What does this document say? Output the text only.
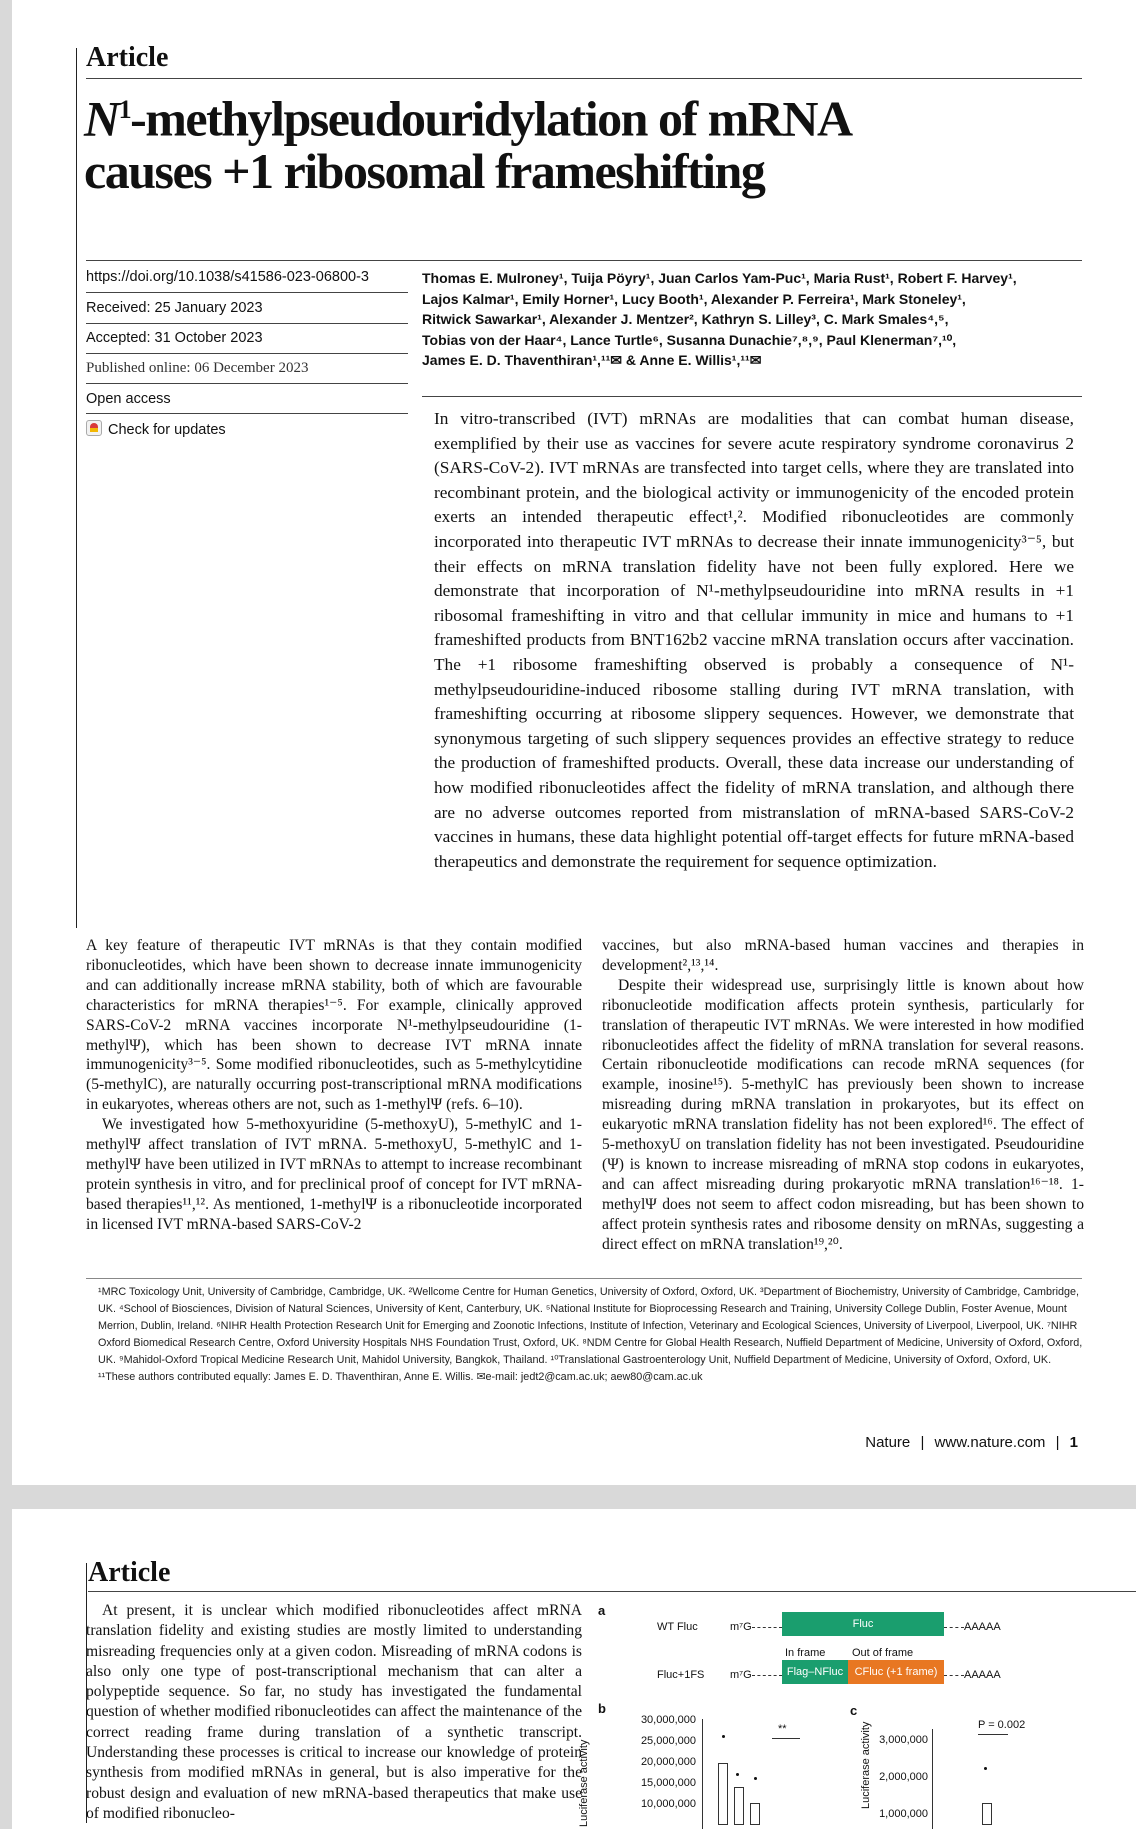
Article
$N^1$-methylpseudouridylation of mRNA
causes +1 ribosomal frameshifting
https://doi.org/10.1038/s41586-023-06800-3
Received: 25 January 2023
Accepted: 31 October 2023
Published online: 06 December 2023
Open access
Check for updates
Thomas E. Mulroney¹, Tuija Pöyry¹, Juan Carlos Yam-Puc¹, Maria Rust¹, Robert F. Harvey¹,
Lajos Kalmar¹, Emily Horner¹, Lucy Booth¹, Alexander P. Ferreira¹, Mark Stoneley¹,
Ritwick Sawarkar¹, Alexander J. Mentzer², Kathryn S. Lilley³, C. Mark Smales⁴,⁵,
Tobias von der Haar⁴, Lance Turtle⁶, Susanna Dunachie⁷,⁸,⁹, Paul Klenerman⁷,¹⁰,
James E. D. Thaventhiran¹,¹¹✉ & Anne E. Willis¹,¹¹✉
In vitro-transcribed (IVT) mRNAs are modalities that can combat human disease, exemplified by their use as vaccines for severe acute respiratory syndrome coronavirus 2 (SARS-CoV-2). IVT mRNAs are transfected into target cells, where they are translated into recombinant protein, and the biological activity or immunogenicity of the encoded protein exerts an intended therapeutic effect¹,². Modified ribonucleotides are commonly incorporated into therapeutic IVT mRNAs to decrease their innate immunogenicity³⁻⁵, but their effects on mRNA translation fidelity have not been fully explored. Here we demonstrate that incorporation of N¹-methylpseudouridine into mRNA results in +1 ribosomal frameshifting in vitro and that cellular immunity in mice and humans to +1 frameshifted products from BNT162b2 vaccine mRNA translation occurs after vaccination. The +1 ribosome frameshifting observed is probably a consequence of N¹-methylpseudouridine-induced ribosome stalling during IVT mRNA translation, with frameshifting occurring at ribosome slippery sequences. However, we demonstrate that synonymous targeting of such slippery sequences provides an effective strategy to reduce the production of frameshifted products. Overall, these data increase our understanding of how modified ribonucleotides affect the fidelity of mRNA translation, and although there are no adverse outcomes reported from mistranslation of mRNA-based SARS-CoV-2 vaccines in humans, these data highlight potential off-target effects for future mRNA-based therapeutics and demonstrate the requirement for sequence optimization.

A key feature of therapeutic IVT mRNAs is that they contain modified ribonucleotides, which have been shown to decrease innate immunogenicity and can additionally increase mRNA stability, both of which are favourable characteristics for mRNA therapies¹⁻⁵. For example, clinically approved SARS-CoV-2 mRNA vaccines incorporate N¹-methylpseudouridine (1-methylΨ), which has been shown to decrease IVT mRNA innate immunogenicity³⁻⁵. Some modified ribonucleotides, such as 5-methylcytidine (5-methylC), are naturally occurring post-transcriptional mRNA modifications in eukaryotes, whereas others are not, such as 1-methylΨ (refs. 6–10).

We investigated how 5-methoxyuridine (5-methoxyU), 5-methylC and 1-methylΨ affect translation of IVT mRNA. 5-methoxyU, 5-methylC and 1-methylΨ have been utilized in IVT mRNAs to attempt to increase recombinant protein synthesis in vitro, and for preclinical proof of concept for IVT mRNA-based therapies¹¹,¹². As mentioned, 1-methylΨ is a ribonucleotide incorporated in licensed IVT mRNA-based SARS-CoV-2

vaccines, but also mRNA-based human vaccines and therapies in development²,¹³,¹⁴.

Despite their widespread use, surprisingly little is known about how ribonucleotide modification affects protein synthesis, particularly for translation of therapeutic IVT mRNAs. We were interested in how modified ribonucleotides affect the fidelity of mRNA translation for several reasons. Certain ribonucleotide modifications can recode mRNA sequences (for example, inosine¹⁵). 5-methylC has previously been shown to increase misreading during mRNA translation in prokaryotes, but its effect on eukaryotic mRNA translation fidelity has not been explored¹⁶. The effect of 5-methoxyU on translation fidelity has not been investigated. Pseudouridine (Ψ) is known to increase misreading of mRNA stop codons in eukaryotes, and can affect misreading during prokaryotic mRNA translation¹⁶⁻¹⁸. 1-methylΨ does not seem to affect codon misreading, but has been shown to affect protein synthesis rates and ribosome density on mRNAs, suggesting a direct effect on mRNA translation¹⁹,²⁰.

¹MRC Toxicology Unit, University of Cambridge, Cambridge, UK. ²Wellcome Centre for Human Genetics, University of Oxford, Oxford, UK. ³Department of Biochemistry, University of Cambridge, Cambridge, UK. ⁴School of Biosciences, Division of Natural Sciences, University of Kent, Canterbury, UK. ⁵National Institute for Bioprocessing Research and Training, University College Dublin, Foster Avenue, Mount Merrion, Dublin, Ireland. ⁶NIHR Health Protection Research Unit for Emerging and Zoonotic Infections, Institute of Infection, Veterinary and Ecological Sciences, University of Liverpool, Liverpool, UK. ⁷NIHR Oxford Biomedical Research Centre, Oxford University Hospitals NHS Foundation Trust, Oxford, UK. ⁸NDM Centre for Global Health Research, Nuffield Department of Medicine, University of Oxford, Oxford, UK. ⁹Mahidol-Oxford Tropical Medicine Research Unit, Mahidol University, Bangkok, Thailand. ¹⁰Translational Gastroenterology Unit, Nuffield Department of Medicine, University of Oxford, Oxford, UK. ¹¹These authors contributed equally: James E. D. Thaventhiran, Anne E. Willis. ✉e-mail: jedt2@cam.ac.uk; aew80@cam.ac.uk
Nature | www.nature.com | 1
Article
At present, it is unclear which modified ribonucleotides affect mRNA translation fidelity and existing studies are mostly limited to understanding misreading frequencies only at a given codon. Misreading of mRNA codons is also only one type of post-transcriptional mechanism that can alter a polypeptide sequence. So far, no study has investigated the fundamental question of whether modified ribonucleotides can affect the maintenance of the correct reading frame during translation of a synthetic transcript. Understanding these processes is critical to increase our knowledge of protein synthesis from modified mRNAs in general, but is also imperative for the robust design and evaluation of new mRNA-based therapeutics that make use of modified ribonucleo-
a
WT Fluc	m⁷G	Fluc	AAAAA
In frame Out of frame
Fluc+1FS m⁷G	Flag–NFluc	CFluc (+1 frame)	AAAAA
b
Luciferase activity
30,000,000
25,000,000
20,000,000
15,000,000
10,000,000
**
c
Luciferase activity 3,000,000
2,000,000
1,000,000
P = 0.002
